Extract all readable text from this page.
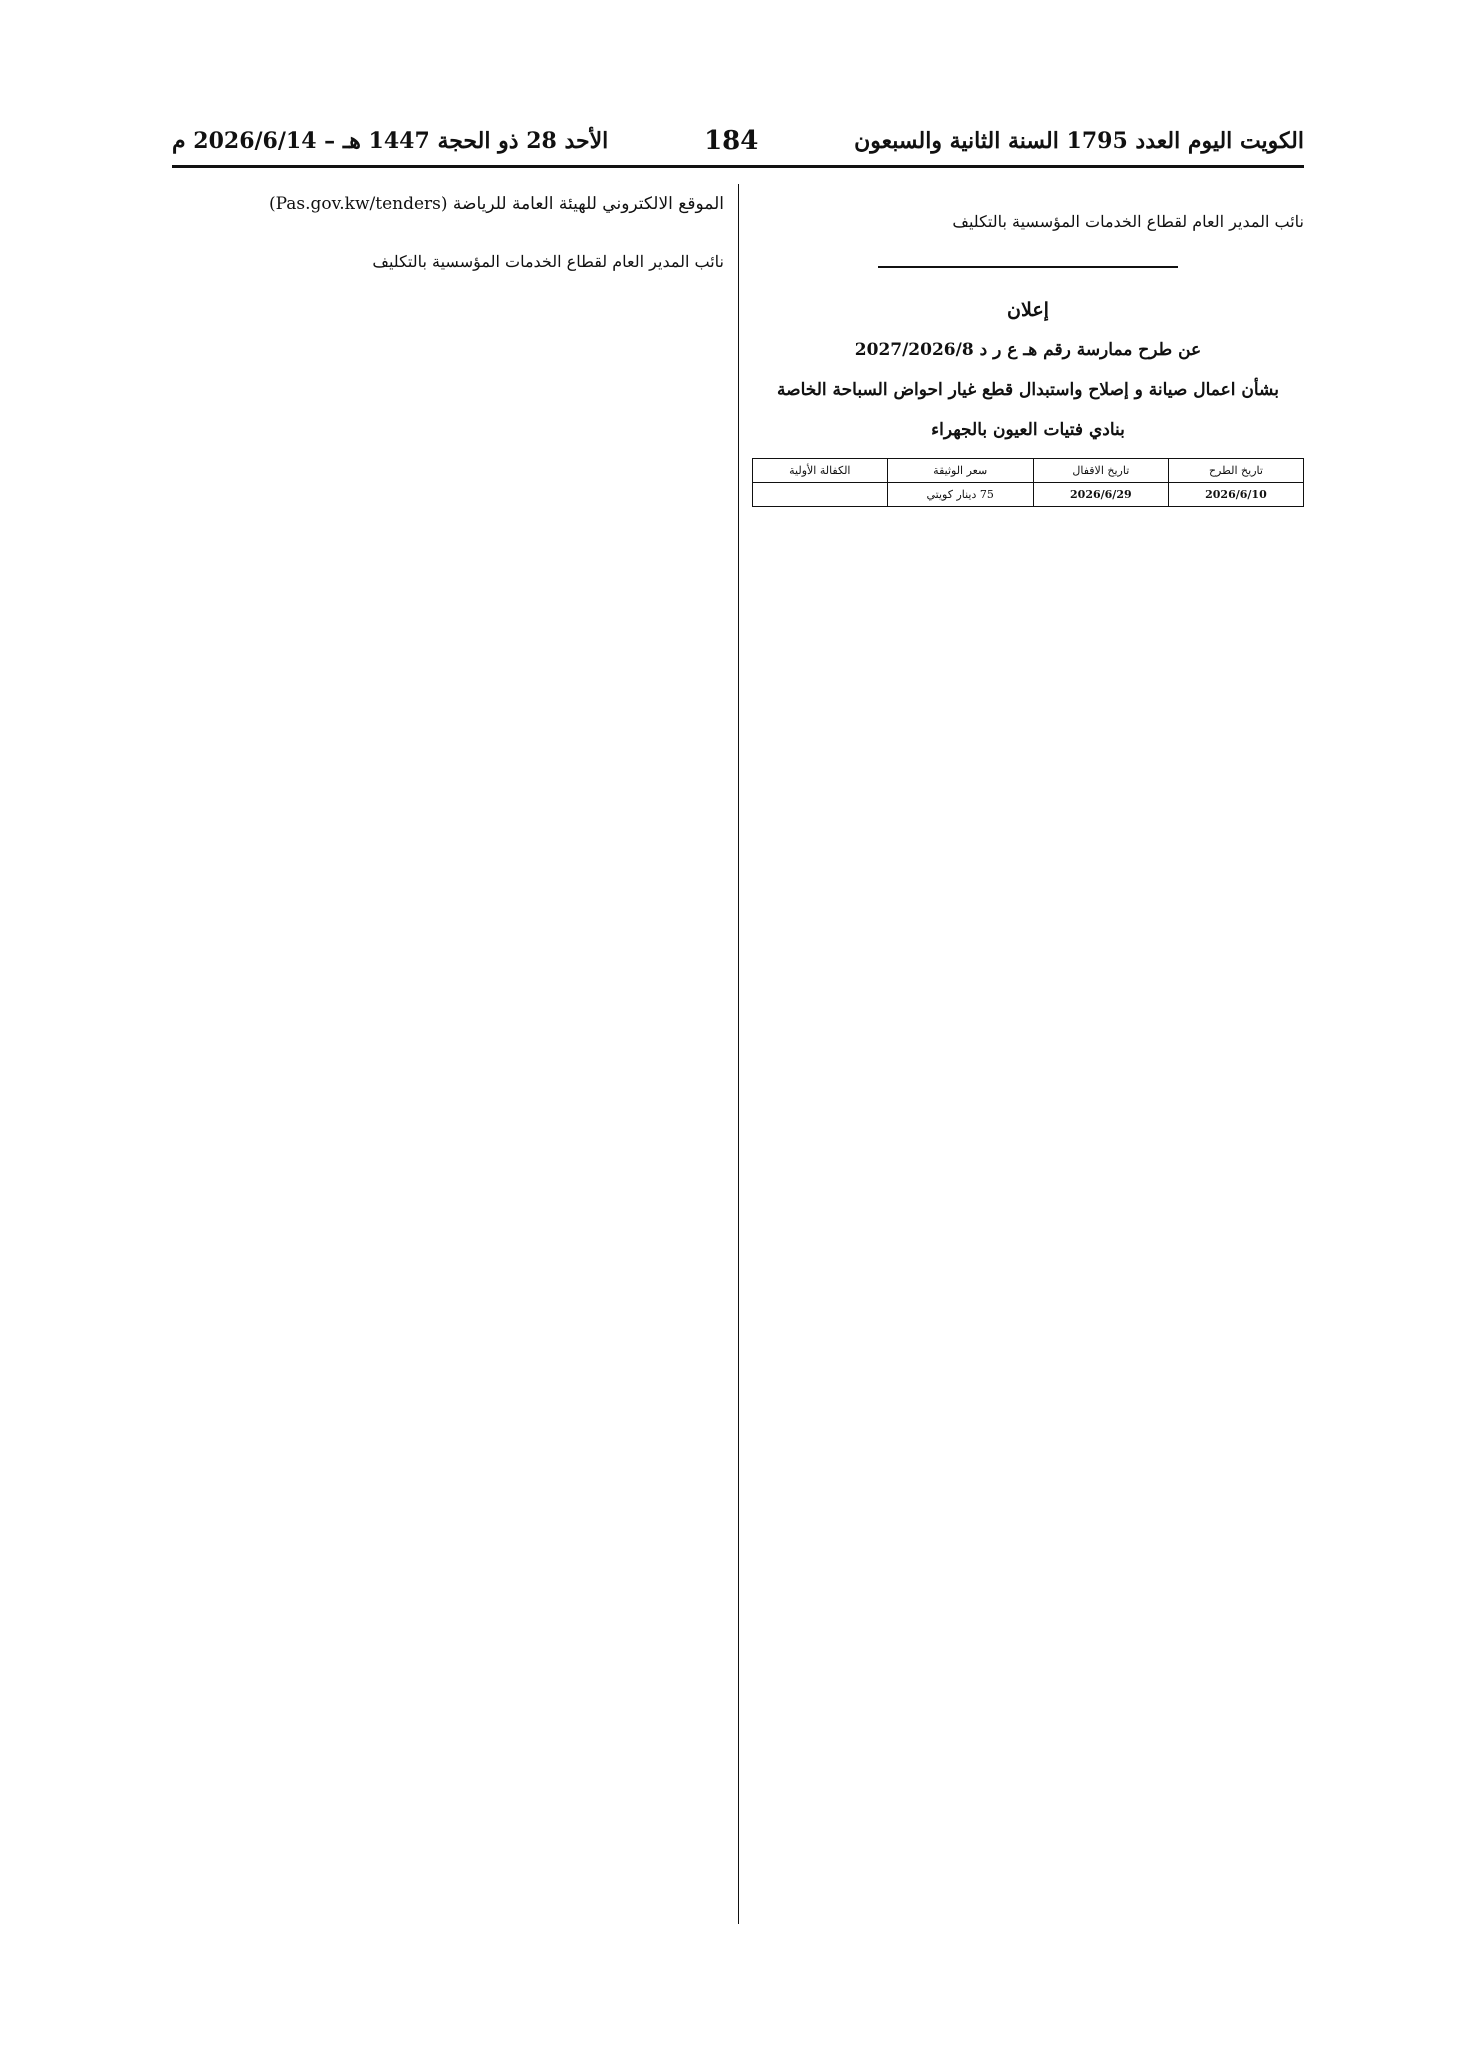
الكويت اليوم العدد 1795 السنة الثانية والسبعون
184
الأحد 28 ذو الحجة 1447 هـ – 2026/6/14 م

نائب المدير العام لقطاع الخدمات المؤسسية بالتكليف

إعلان

عن طرح ممارسة رقم هـ ع ر د 2027/2026/8

بشأن اعمال صيانة و إصلاح واستبدال قطع غيار احواض السباحة الخاصة

بنادي فتيات العيون بالجهراء

تاريخ الطرح	تاريخ الاقفال	سعر الوثيقة	الكفالة الأولية
2026/6/10	2026/6/29	75 دينار كويتي	

الموقع الالكتروني للهيئة العامة للرياضة (Pas.gov.kw/tenders)

نائب المدير العام لقطاع الخدمات المؤسسية بالتكليف
